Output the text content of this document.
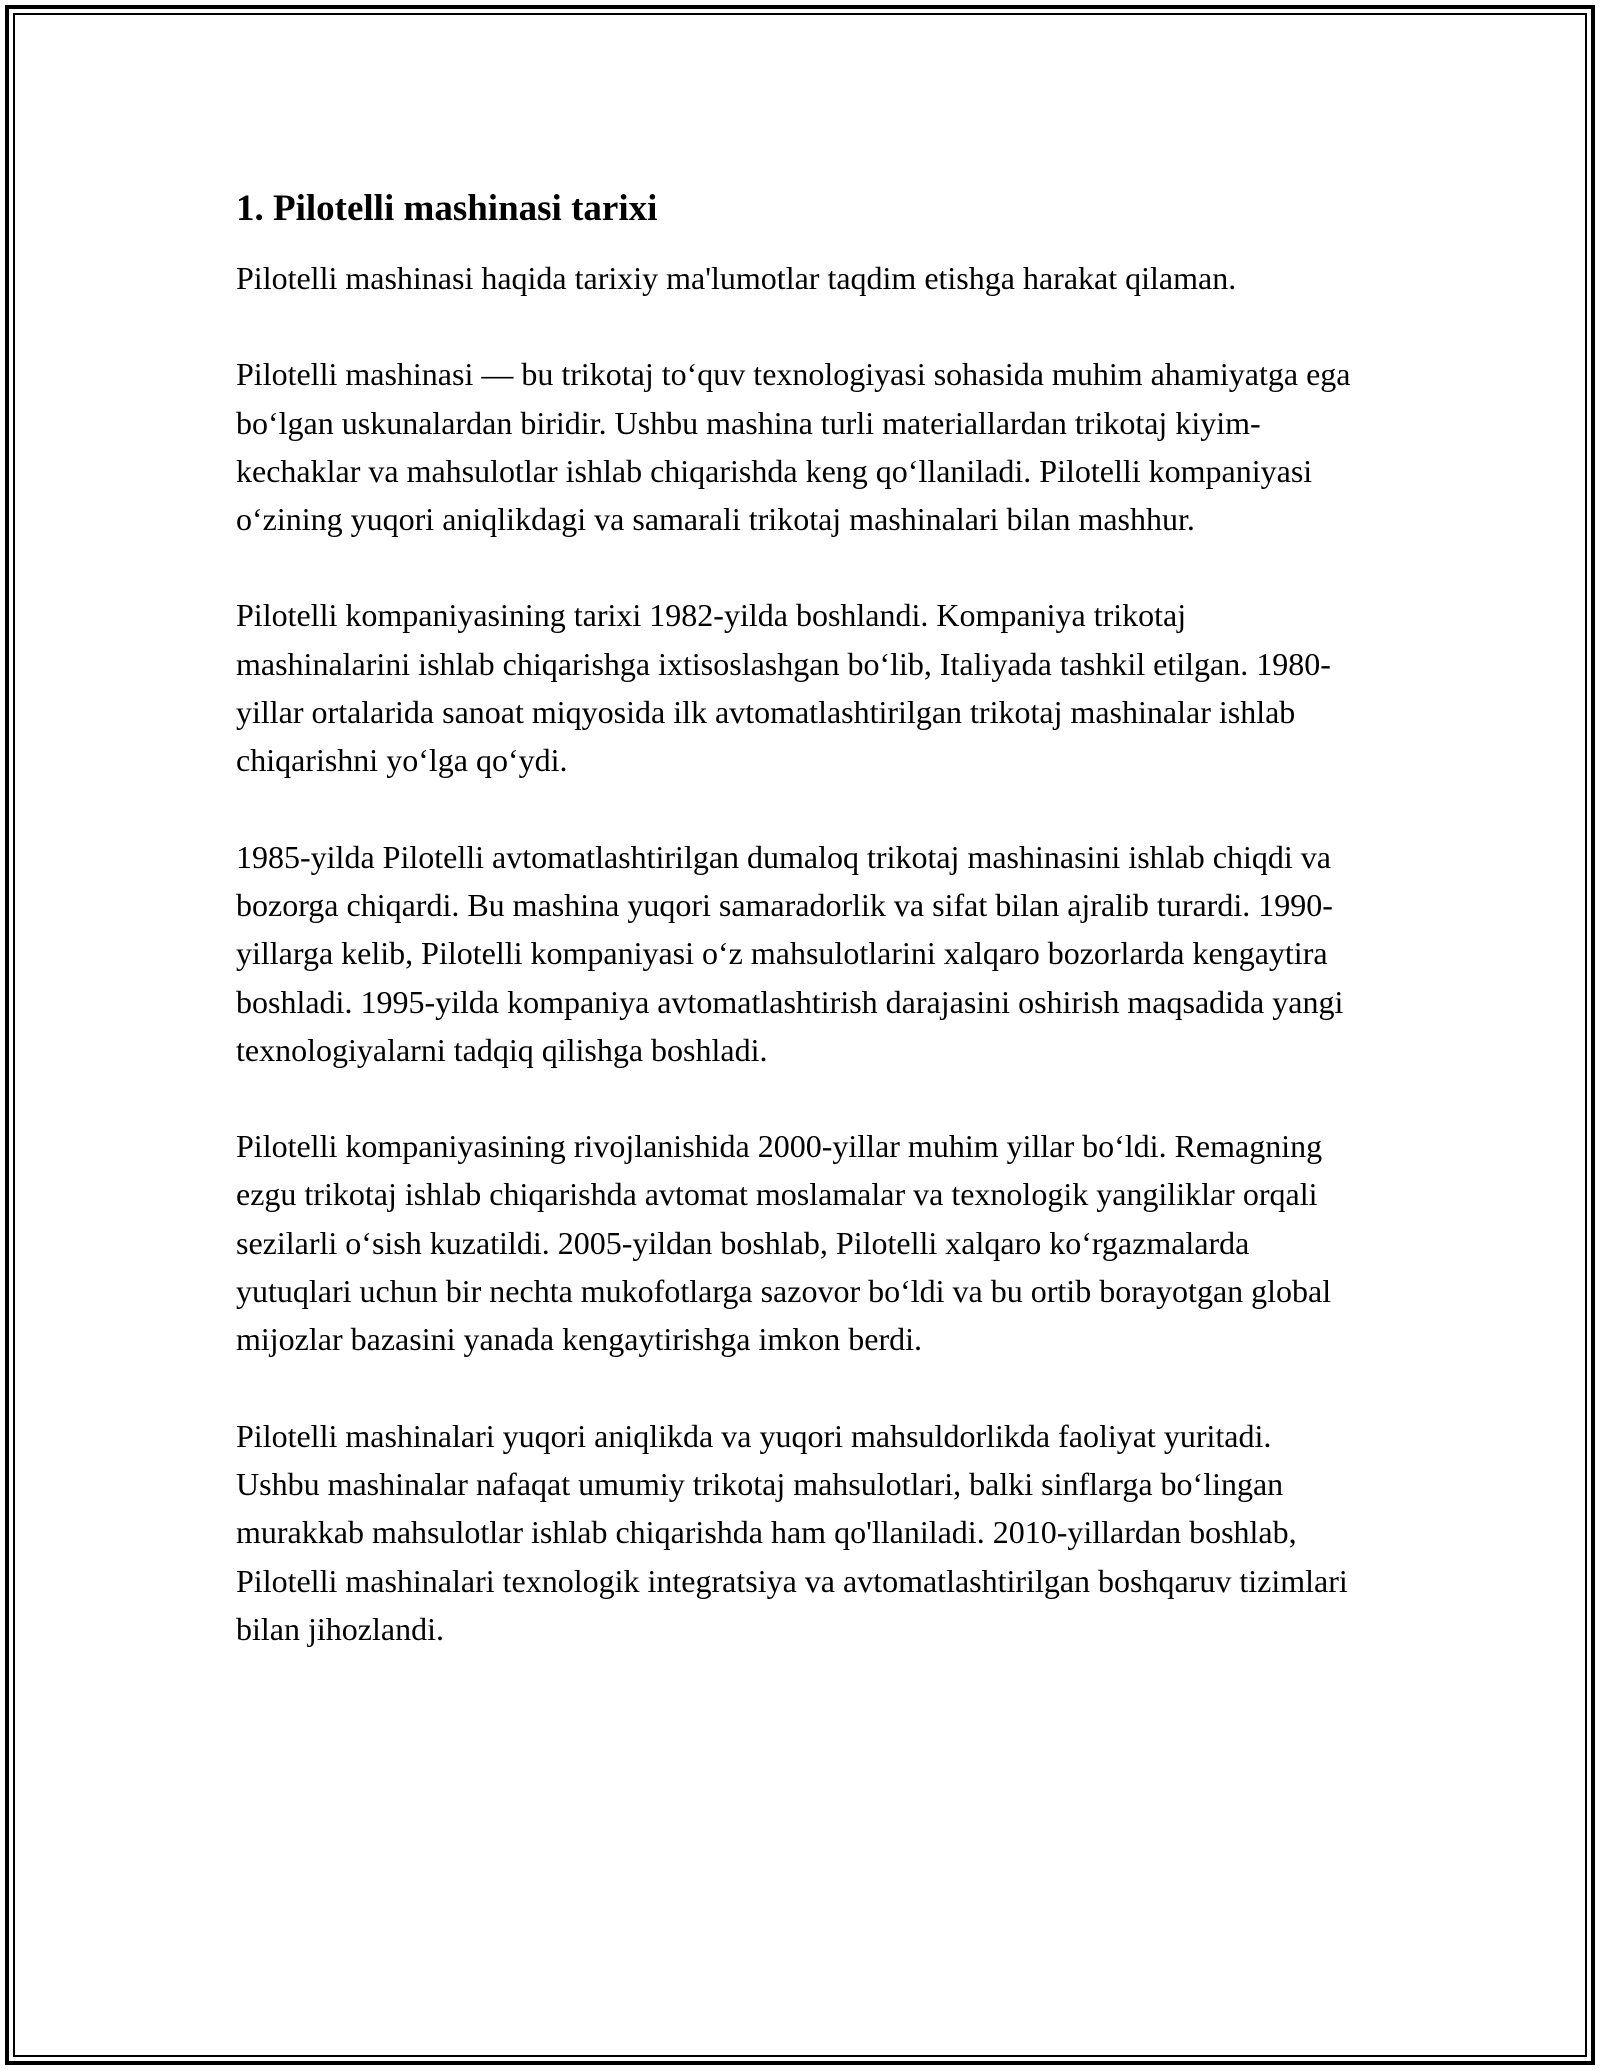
1. Pilotelli mashinasi tarixi

Pilotelli mashinasi haqida tarixiy ma'lumotlar taqdim etishga harakat qilaman.

Pilotelli mashinasi — bu trikotaj toʻquv texnologiyasi sohasida muhim ahamiyatga ega boʻlgan uskunalardan biridir. Ushbu mashina turli materiallardan trikotaj kiyim-kechaklar va mahsulotlar ishlab chiqarishda keng qoʻllaniladi. Pilotelli kompaniyasi oʻzining yuqori aniqlikdagi va samarali trikotaj mashinalari bilan mashhur.

Pilotelli kompaniyasining tarixi 1982-yilda boshlandi. Kompaniya trikotaj mashinalarini ishlab chiqarishga ixtisoslashgan boʻlib, Italiyada tashkil etilgan. 1980-yillar ortalarida sanoat miqyosida ilk avtomatlashtirilgan trikotaj mashinalar ishlab chiqarishni yoʻlga qoʻydi.

1985-yilda Pilotelli avtomatlashtirilgan dumaloq trikotaj mashinasini ishlab chiqdi va bozorga chiqardi. Bu mashina yuqori samaradorlik va sifat bilan ajralib turardi. 1990-yillarga kelib, Pilotelli kompaniyasi oʻz mahsulotlarini xalqaro bozorlarda kengaytira boshladi. 1995-yilda kompaniya avtomatlashtirish darajasini oshirish maqsadida yangi texnologiyalarni tadqiq qilishga boshladi.

Pilotelli kompaniyasining rivojlanishida 2000-yillar muhim yillar boʻldi. Remagning ezgu trikotaj ishlab chiqarishda avtomat moslamalar va texnologik yangiliklar orqali sezilarli oʻsish kuzatildi. 2005-yildan boshlab, Pilotelli xalqaro koʻrgazmalarda yutuqlari uchun bir nechta mukofotlarga sazovor boʻldi va bu ortib borayotgan global mijozlar bazasini yanada kengaytirishga imkon berdi.

Pilotelli mashinalari yuqori aniqlikda va yuqori mahsuldorlikda faoliyat yuritadi. Ushbu mashinalar nafaqat umumiy trikotaj mahsulotlari, balki sinflarga boʻlingan murakkab mahsulotlar ishlab chiqarishda ham qo'llaniladi. 2010-yillardan boshlab, Pilotelli mashinalari texnologik integratsiya va avtomatlashtirilgan boshqaruv tizimlari bilan jihozlandi.
